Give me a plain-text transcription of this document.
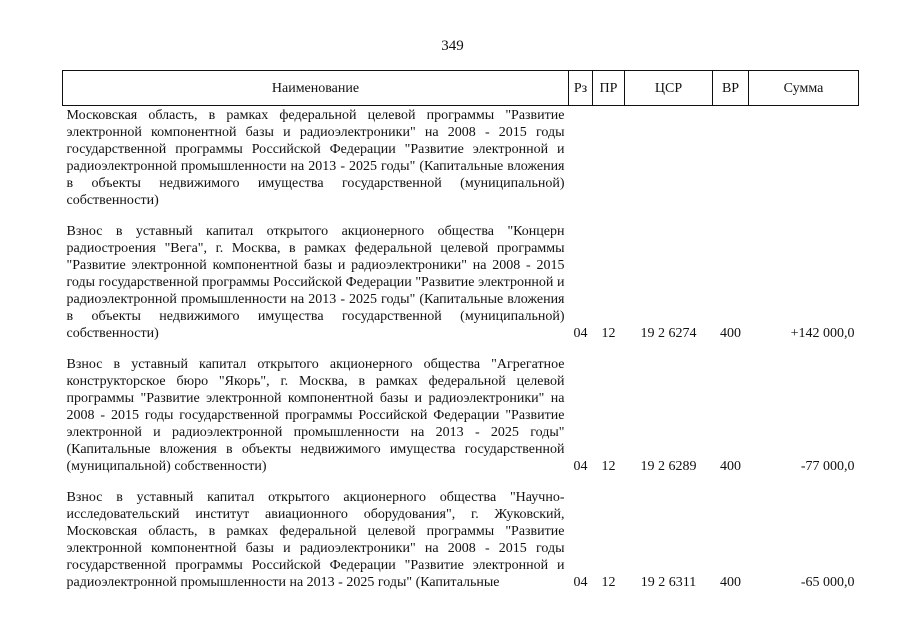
349
Наименование	Рз	ПР	ЦСР	ВР	Сумма
Московская область, в рамках федеральной целевой программы "Развитие электронной компонентной базы и радиоэлектроники" на 2008 - 2015 годы государственной программы Российской Федерации "Развитие электронной и радиоэлектронной промышленности на 2013 - 2025 годы" (Капитальные вложения в объекты недвижимого имущества государственной (муниципальной) собственности)					

Взнос в уставный капитал открытого акционерного общества "Концерн радиостроения "Вега", г. Москва, в рамках федеральной целевой программы "Развитие электронной компонентной базы и радиоэлектроники" на 2008 - 2015 годы государственной программы Российской Федерации "Развитие электронной и радиоэлектронной промышленности на 2013 - 2025 годы" (Капитальные вложения в объекты недвижимого имущества государственной (муниципальной) собственности)	04	12	19 2 6274	400	+142 000,0

Взнос в уставный капитал открытого акционерного общества "Агрегатное конструкторское бюро "Якорь", г. Москва, в рамках федеральной целевой программы "Развитие электронной компонентной базы и радиоэлектроники" на 2008 - 2015 годы государственной программы Российской Федерации "Развитие электронной и радиоэлектронной промышленности на 2013 - 2025 годы" (Капитальные вложения в объекты недвижимого имущества государственной (муниципальной) собственности)	04	12	19 2 6289	400	-77 000,0

Взнос в уставный капитал открытого акционерного общества "Научно-исследовательский институт авиационного оборудования", г. Жуковский, Московская область, в рамках федеральной целевой программы "Развитие электронной компонентной базы и радиоэлектроники" на 2008 - 2015 годы государственной программы Российской Федерации "Развитие электронной и радиоэлектронной промышленности на 2013 - 2025 годы" (Капитальные	04	12	19 2 6311	400	-65 000,0
